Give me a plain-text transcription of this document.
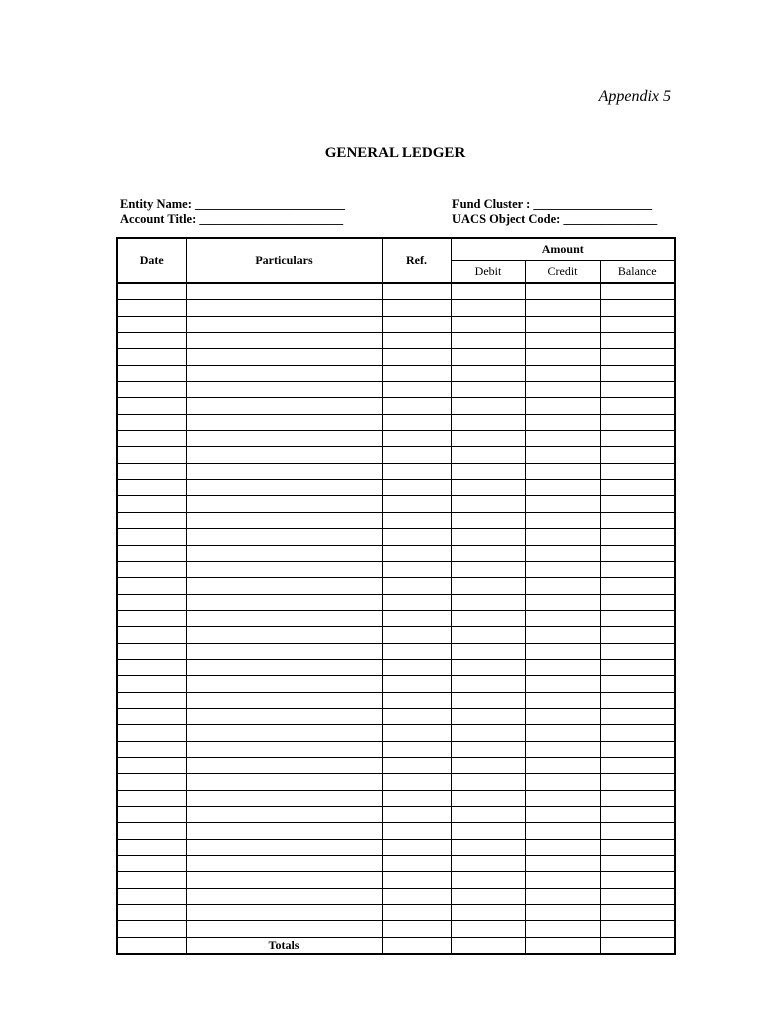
Appendix 5
GENERAL LEDGER
Entity Name: ________________________
Account Title: _______________________
Fund Cluster : ___________________
UACS Object Code: _______________
Date	Particulars	Ref.	Amount		
			Debit	Credit	Balance

	Totals				
